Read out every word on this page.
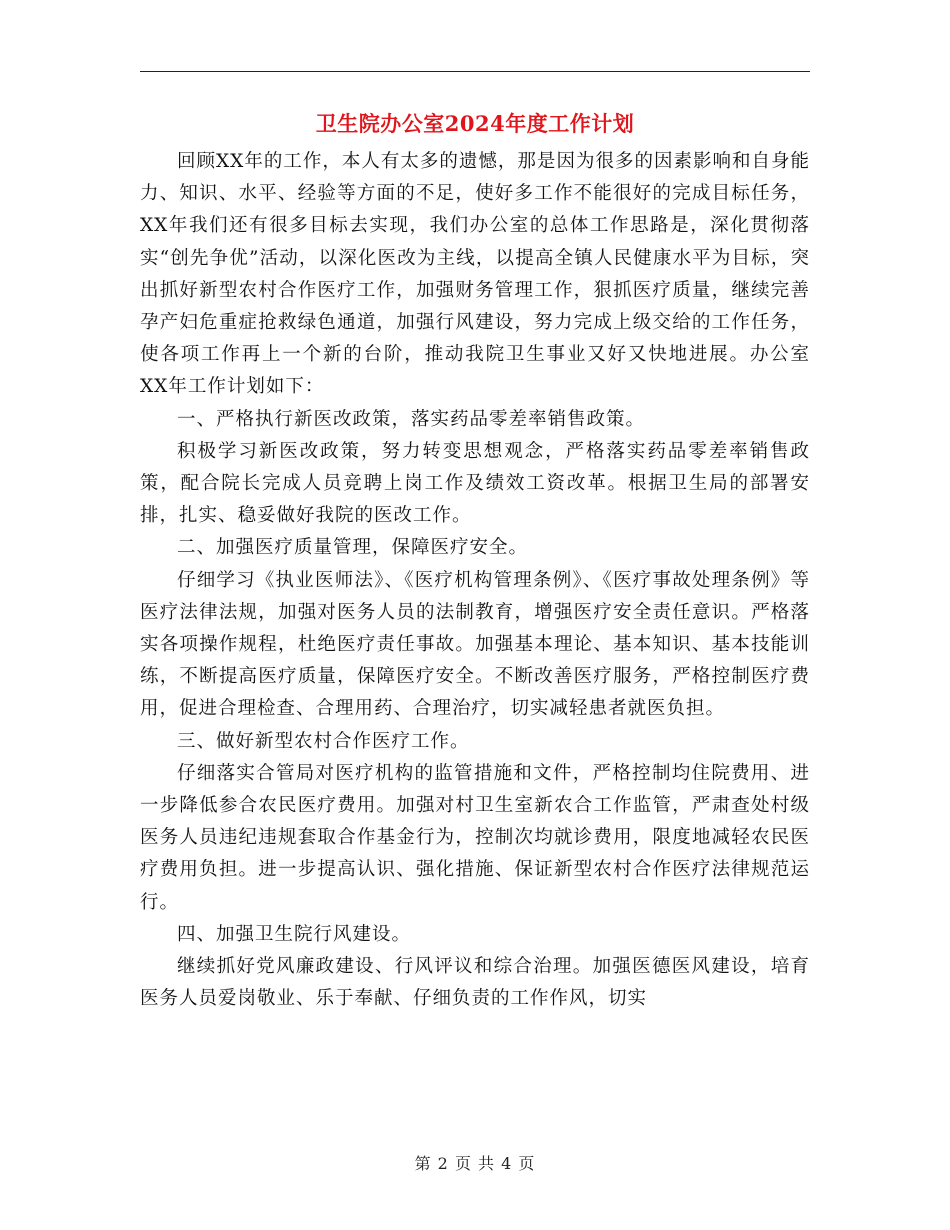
卫生院办公室2024年度工作计划

回顾XX年的工作，本人有太多的遗憾，那是因为很多的因素影响和自身能力、知识、水平、经验等方面的不足，使好多工作不能很好的完成目标任务，XX年我们还有很多目标去实现，我们办公室的总体工作思路是，深化贯彻落实“创先争优”活动，以深化医改为主线，以提高全镇人民健康水平为目标，突出抓好新型农村合作医疗工作，加强财务管理工作，狠抓医疗质量，继续完善孕产妇危重症抢救绿色通道，加强行风建设，努力完成上级交给的工作任务，使各项工作再上一个新的台阶，推动我院卫生事业又好又快地进展。办公室XX年工作计划如下：

一、严格执行新医改政策，落实药品零差率销售政策。

积极学习新医改政策，努力转变思想观念，严格落实药品零差率销售政策，配合院长完成人员竞聘上岗工作及绩效工资改革。根据卫生局的部署安排，扎实、稳妥做好我院的医改工作。

二、加强医疗质量管理，保障医疗安全。

仔细学习《执业医师法》、《医疗机构管理条例》、《医疗事故处理条例》等医疗法律法规，加强对医务人员的法制教育，增强医疗安全责任意识。严格落实各项操作规程，杜绝医疗责任事故。加强基本理论、基本知识、基本技能训练，不断提高医疗质量，保障医疗安全。不断改善医疗服务，严格控制医疗费用，促进合理检查、合理用药、合理治疗，切实减轻患者就医负担。

三、做好新型农村合作医疗工作。

仔细落实合管局对医疗机构的监管措施和文件，严格控制均住院费用、进一步降低参合农民医疗费用。加强对村卫生室新农合工作监管，严肃查处村级医务人员违纪违规套取合作基金行为，控制次均就诊费用，限度地减轻农民医疗费用负担。进一步提高认识、强化措施、保证新型农村合作医疗法律规范运行。

四、加强卫生院行风建设。

继续抓好党风廉政建设、行风评议和综合治理。加强医德医风建设，培育医务人员爱岗敬业、乐于奉献、仔细负责的工作作风，切实

第 2 页 共 4 页
